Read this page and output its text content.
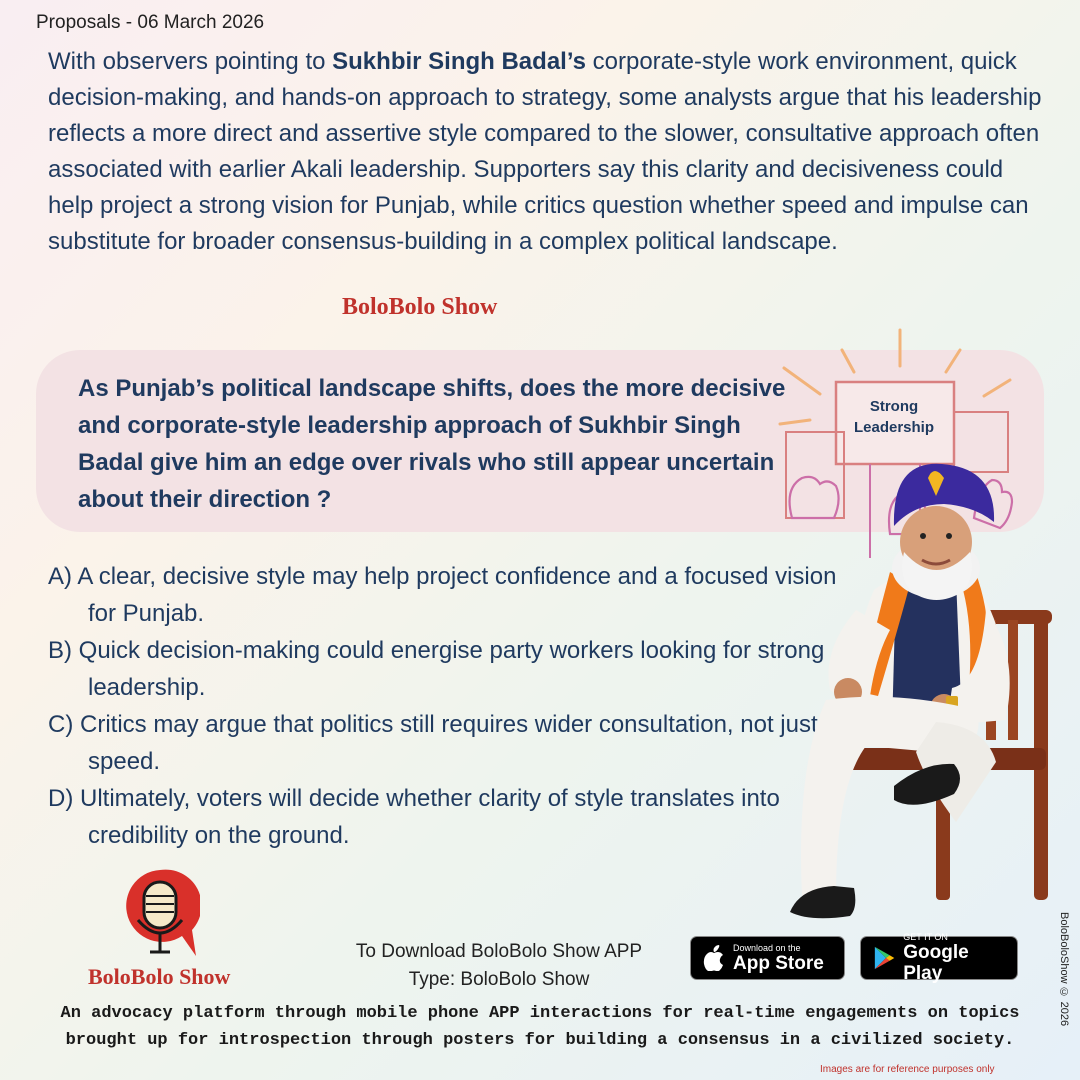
Proposals - 06 March 2026

With observers pointing to Sukhbir Singh Badal’s corporate-style work environment, quick decision-making, and hands-on approach to strategy, some analysts argue that his leadership reflects a more direct and assertive style compared to the slower, consultative approach often associated with earlier Akali leadership. Supporters say this clarity and decisiveness could help project a strong vision for Punjab, while critics question whether speed and impulse can substitute for broader consensus-building in a complex political landscape.

BoloBolo Show
Strong
Leadership
As Punjab’s political landscape shifts, does the more decisive and corporate-style leadership approach of Sukhbir Singh Badal give him an edge over rivals who still appear uncertain about their direction ?
A) A clear, decisive style may help project confidence and a focused vision for Punjab.
B) Quick decision-making could energise party workers looking for strong leadership.
C) Critics may argue that politics still requires wider consultation, not just speed.
D) Ultimately, voters will decide whether clarity of style translates into credibility on the ground.
BoloBolo Show
To Download BoloBolo Show APP
Type: BoloBolo Show
Download on the
App Store
GET IT ON
Google Play
An advocacy platform through mobile phone APP interactions for real-time engagements on topics brought up for introspection through posters for building a consensus in a civilized society.
BoloBoloShow © 2026
Images are for reference purposes only
